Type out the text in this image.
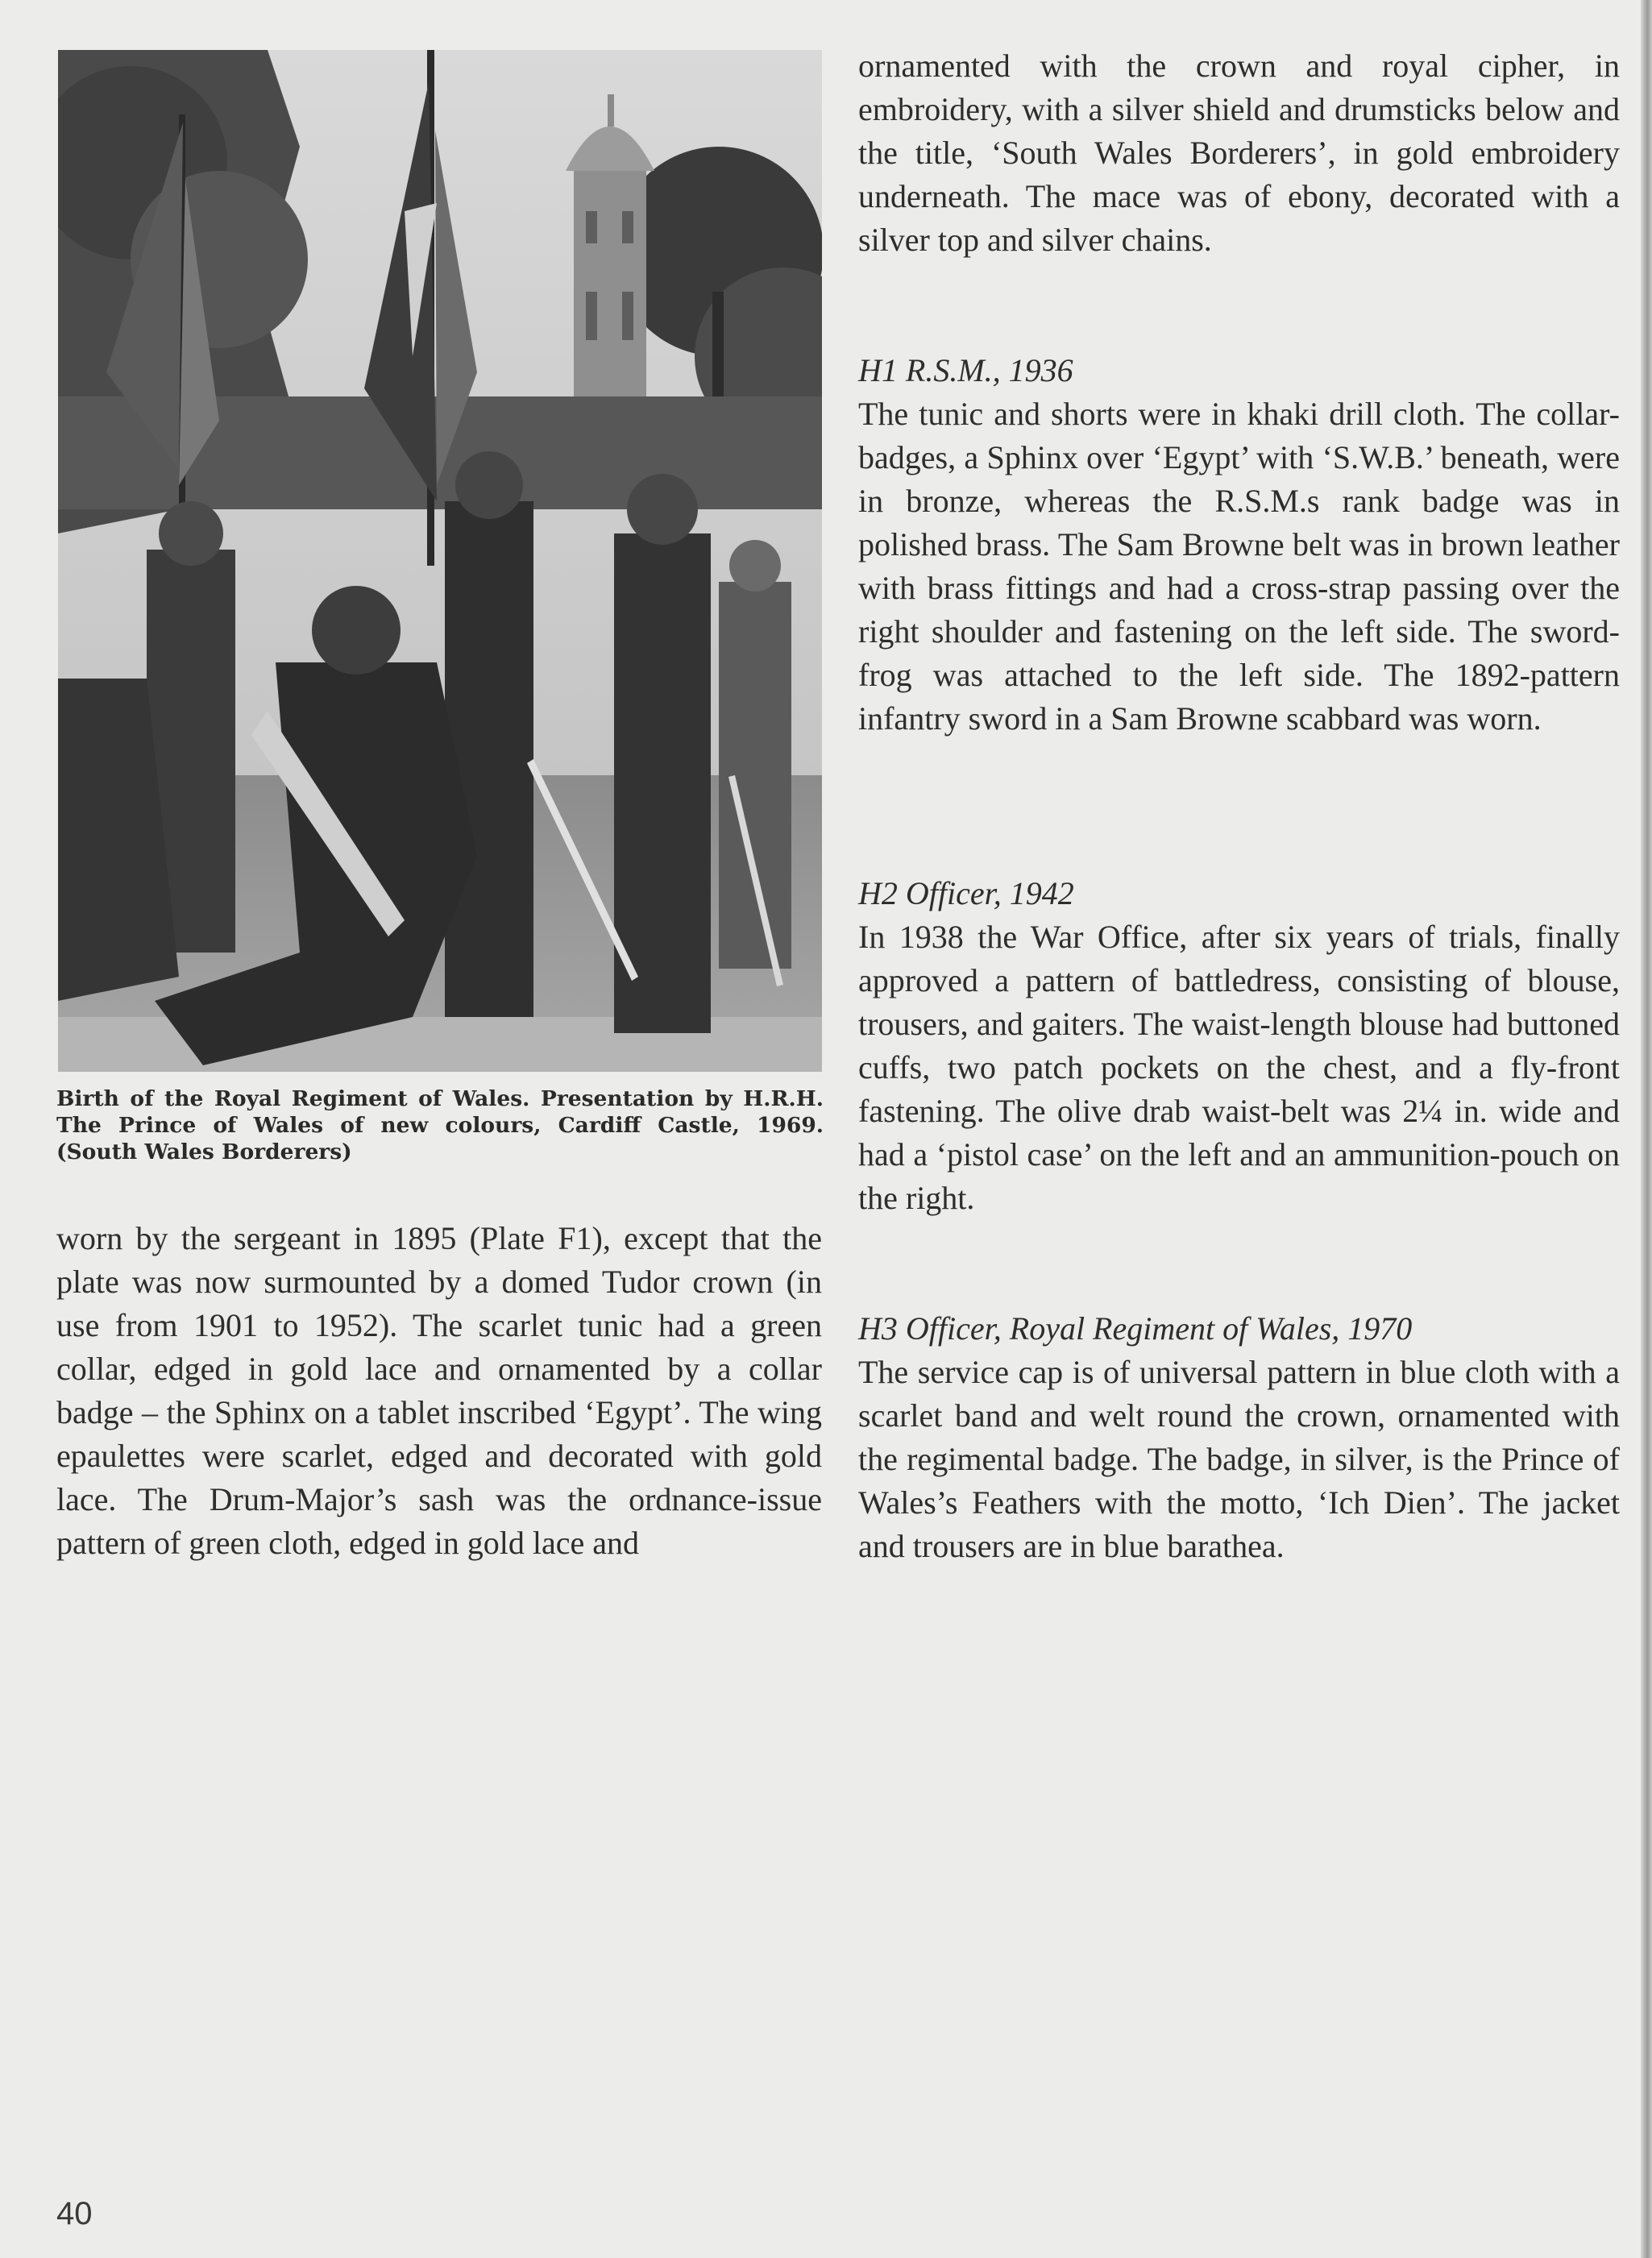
Birth of the Royal Regiment of Wales. Presentation by H.R.H. The Prince of Wales of new colours, Cardiff Castle, 1969. (South Wales Borderers)

worn by the sergeant in 1895 (Plate F1), except that the plate was now surmounted by a domed Tudor crown (in use from 1901 to 1952). The scarlet tunic had a green collar, edged in gold lace and ornamented by a collar badge – the Sphinx on a tablet inscribed ‘Egypt’. The wing epaulettes were scarlet, edged and decorated with gold lace. The Drum-Major’s sash was the ordnance-issue pattern of green cloth, edged in gold lace and

ornamented with the crown and royal cipher, in embroidery, with a silver shield and drumsticks below and the title, ‘South Wales Borderers’, in gold embroidery underneath. The mace was of ebony, decorated with a silver top and silver chains.

H1 R.S.M., 1936

The tunic and shorts were in khaki drill cloth. The collar-badges, a Sphinx over ‘Egypt’ with ‘S.W.B.’ beneath, were in bronze, whereas the R.S.M.s rank badge was in polished brass. The Sam Browne belt was in brown leather with brass fittings and had a cross-strap passing over the right shoulder and fastening on the left side. The sword-frog was attached to the left side. The 1892-pattern infantry sword in a Sam Browne scabbard was worn.

H2 Officer, 1942

In 1938 the War Office, after six years of trials, finally approved a pattern of battledress, consisting of blouse, trousers, and gaiters. The waist-length blouse had buttoned cuffs, two patch pockets on the chest, and a fly-front fastening. The olive drab waist-belt was 2¼ in. wide and had a ‘pistol case’ on the left and an ammunition-pouch on the right.

H3 Officer, Royal Regiment of Wales, 1970

The service cap is of universal pattern in blue cloth with a scarlet band and welt round the crown, ornamented with the regimental badge. The badge, in silver, is the Prince of Wales’s Feathers with the motto, ‘Ich Dien’. The jacket and trousers are in blue barathea.

40
